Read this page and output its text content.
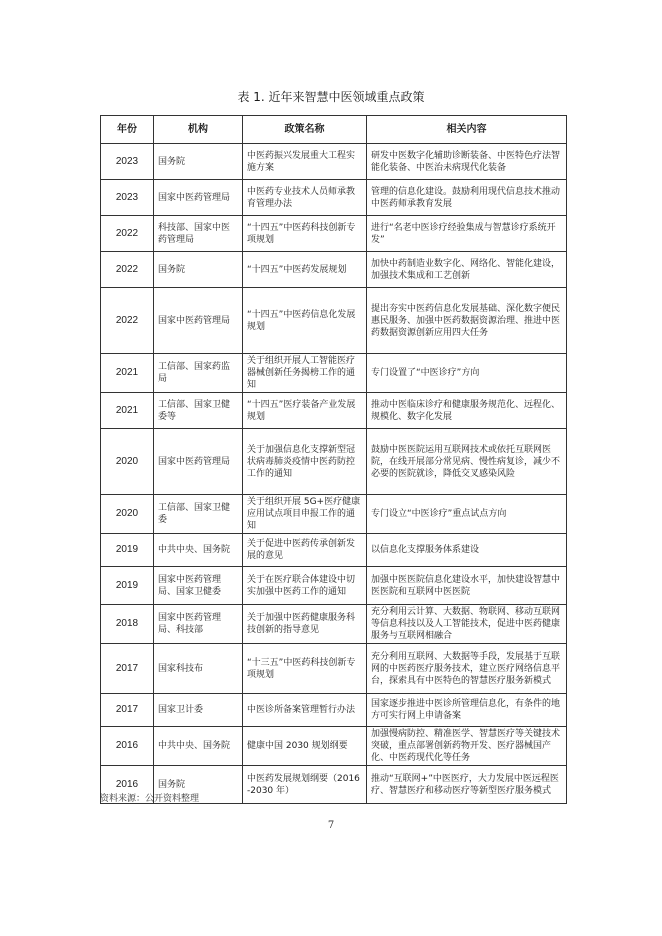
表 1. 近年来智慧中医领域重点政策
年份	机构	政策名称	相关内容
2023	国务院	中医药振兴发展重大工程实施方案	研发中医数字化辅助诊断装备、中医特色疗法智能化装备、中医治未病现代化装备
2023	国家中医药管理局	中医药专业技术人员师承教育管理办法	管理的信息化建设。鼓励利用现代信息技术推动中医药师承教育发展
2022	科技部、国家中医药管理局	“十四五”中医药科技创新专项规划	进行“名老中医诊疗经验集成与智慧诊疗系统开发”
2022	国务院	“十四五”中医药发展规划	加快中药制造业数字化、网络化、智能化建设，加强技术集成和工艺创新
2022	国家中医药管理局	“十四五”中医药信息化发展规划	提出夯实中医药信息化发展基础、深化数字便民惠民服务、加强中医药数据资源治理、推进中医药数据资源创新应用四大任务
2021	工信部、国家药监局	关于组织开展人工智能医疗器械创新任务揭榜工作的通知	专门设置了“中医诊疗”方向
2021	工信部、国家卫健委等	“十四五”医疗装备产业发展规划	推动中医临床诊疗和健康服务规范化、远程化、规模化、数字化发展
2020	国家中医药管理局	关于加强信息化支撑新型冠状病毒肺炎疫情中医药防控工作的通知	鼓励中医医院运用互联网技术或依托互联网医院，在线开展部分常见病、慢性病复诊，减少不必要的医院就诊，降低交叉感染风险
2020	工信部、国家卫健委	关于组织开展 5G+医疗健康应用试点项目申报工作的通知	专门设立“中医诊疗”重点试点方向
2019	中共中央、国务院	关于促进中医药传承创新发展的意见	以信息化支撑服务体系建设
2019	国家中医药管理局、国家卫健委	关于在医疗联合体建设中切实加强中医药工作的通知	加强中医医院信息化建设水平，加快建设智慧中医医院和互联网中医医院
2018	国家中医药管理局、科技部	关于加强中医药健康服务科技创新的指导意见	充分利用云计算、大数据、物联网、移动互联网等信息科技以及人工智能技术，促进中医药健康服务与互联网相融合
2017	国家科技布	“十三五”中医药科技创新专项规划	充分利用互联网、大数据等手段，发展基于互联网的中医药医疗服务技术，建立医疗网络信息平台，探索具有中医特色的智慧医疗服务新模式
2017	国家卫计委	中医诊所备案管理暂行办法	国家逐步推进中医诊所管理信息化，有条件的地方可实行网上申请备案
2016	中共中央、国务院	健康中国 2030 规划纲要	加强慢病防控、精准医学、智慧医疗等关键技术突破，重点部署创新药物开发、医疗器械国产化、中医药现代化等任务
2016	国务院	中医药发展规划纲要（2016-2030 年）	推动“互联网+”中医医疗，大力发展中医远程医疗、智慧医疗和移动医疗等新型医疗服务模式
资料来源：公开资料整理
7
